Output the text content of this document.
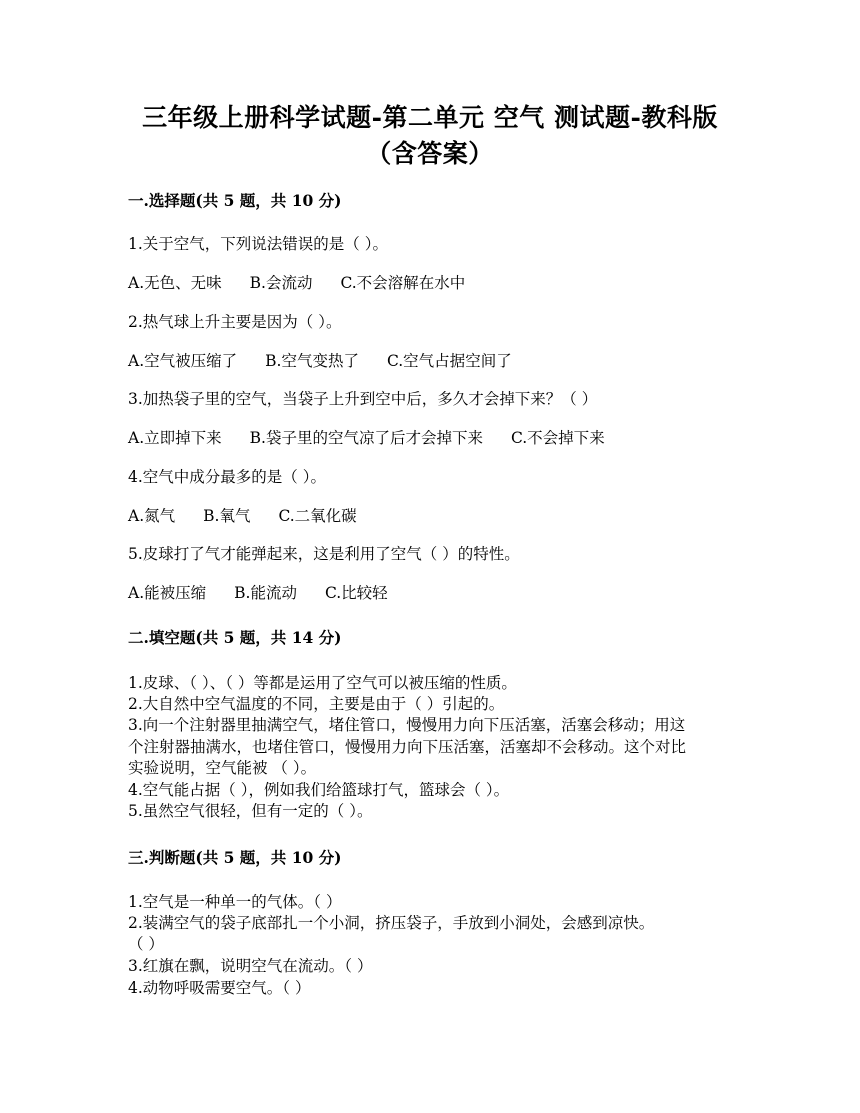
三年级上册科学试题-第二单元 空气 测试题-教科版
（含答案）
一.选择题(共 5 题，共 10 分)
1.关于空气，下列说法错误的是（ ）。
A.无色、无味 B.会流动 C.不会溶解在水中
2.热气球上升主要是因为（ ）。
A.空气被压缩了 B.空气变热了 C.空气占据空间了
3.加热袋子里的空气，当袋子上升到空中后，多久才会掉下来？（ ）
A.立即掉下来 B.袋子里的空气凉了后才会掉下来 C.不会掉下来
4.空气中成分最多的是（ ）。
A.氮气 B.氧气 C.二氧化碳
5.皮球打了气才能弹起来，这是利用了空气（ ）的特性。
A.能被压缩 B.能流动 C.比较轻
二.填空题(共 5 题，共 14 分)
1.皮球、（ ）、（ ）等都是运用了空气可以被压缩的性质。
2.大自然中空气温度的不同，主要是由于（ ）引起的。
3.向一个注射器里抽满空气，堵住管口，慢慢用力向下压活塞，活塞会移动；用这
个注射器抽满水，也堵住管口，慢慢用力向下压活塞，活塞却不会移动。这个对比
实验说明，空气能被 （ ）。
4.空气能占据（ ），例如我们给篮球打气，篮球会（ ）。
5.虽然空气很轻，但有一定的（ ）。
三.判断题(共 5 题，共 10 分)
1.空气是一种单一的气体。（ ）
2.装满空气的袋子底部扎一个小洞，挤压袋子，手放到小洞处，会感到凉快。
（ ）
3.红旗在飘，说明空气在流动。（ ）
4.动物呼吸需要空气。（ ）
